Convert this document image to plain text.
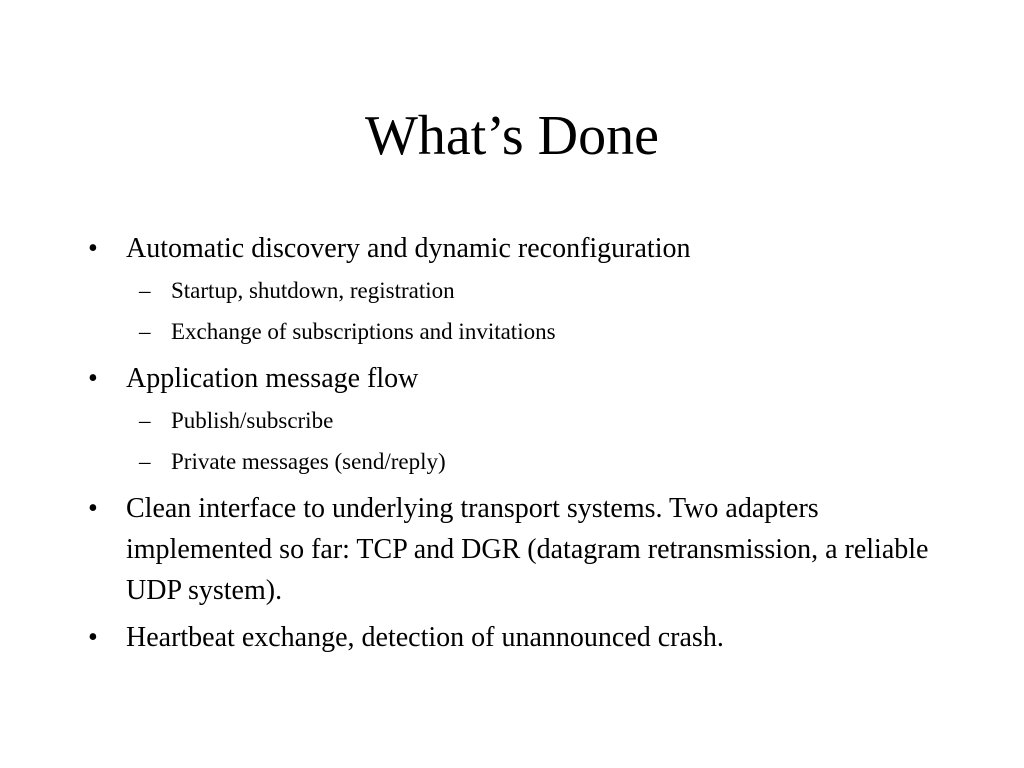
What’s Done
•	Automatic discovery and dynamic reconfiguration
– Startup, shutdown, registration
– Exchange of subscriptions and invitations
•	Application message flow
– Publish/subscribe
– Private messages (send/reply)
•	Clean interface to underlying transport systems. Two adapters implemented so far: TCP and DGR (datagram retransmission, a reliable UDP system).
•	Heartbeat exchange, detection of unannounced crash.
